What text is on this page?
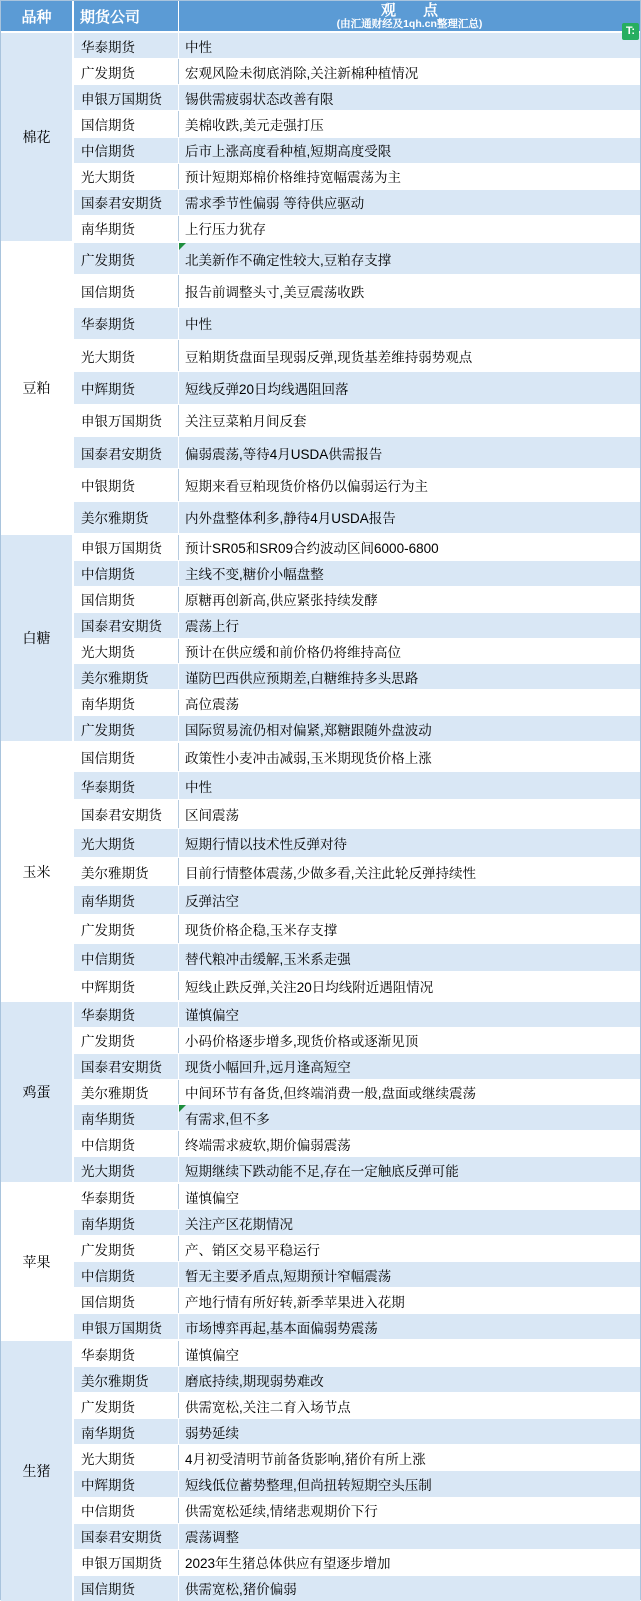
品种	期货公司	观　点
(由汇通财经及1qh.cn整理汇总)
T:
棉花
华泰期货	中性
广发期货	宏观风险未彻底消除,关注新棉种植情况
申银万国期货	锡供需疲弱状态改善有限
国信期货	美棉收跌,美元走强打压
中信期货	后市上涨高度看种植,短期高度受限
光大期货	预计短期郑棉价格维持宽幅震荡为主
国泰君安期货	需求季节性偏弱 等待供应驱动
南华期货	上行压力犹存
豆粕
广发期货	北美新作不确定性较大,豆粕存支撑
国信期货	报告前调整头寸,美豆震荡收跌
华泰期货	中性
光大期货	豆粕期货盘面呈现弱反弹,现货基差维持弱势观点
中辉期货	短线反弹20日均线遇阻回落
申银万国期货	关注豆菜粕月间反套
国泰君安期货	偏弱震荡,等待4月USDA供需报告
中银期货	短期来看豆粕现货价格仍以偏弱运行为主
美尔雅期货	内外盘整体利多,静待4月USDA报告
白糖
申银万国期货	预计SR05和SR09合约波动区间6000-6800
中信期货	主线不变,糖价小幅盘整
国信期货	原糖再创新高,供应紧张持续发酵
国泰君安期货	震荡上行
光大期货	预计在供应缓和前价格仍将维持高位
美尔雅期货	谨防巴西供应预期差,白糖维持多头思路
南华期货	高位震荡
广发期货	国际贸易流仍相对偏紧,郑糖跟随外盘波动
玉米
国信期货	政策性小麦冲击减弱,玉米期现货价格上涨
华泰期货	中性
国泰君安期货	区间震荡
光大期货	短期行情以技术性反弹对待
美尔雅期货	目前行情整体震荡,少做多看,关注此轮反弹持续性
南华期货	反弹沽空
广发期货	现货价格企稳,玉米存支撑
中信期货	替代粮冲击缓解,玉米系走强
中辉期货	短线止跌反弹,关注20日均线附近遇阻情况
鸡蛋
华泰期货	谨慎偏空
广发期货	小码价格逐步增多,现货价格或逐渐见顶
国泰君安期货	现货小幅回升,远月逢高短空
美尔雅期货	中间环节有备货,但终端消费一般,盘面或继续震荡
南华期货	有需求,但不多
中信期货	终端需求疲软,期价偏弱震荡
光大期货	短期继续下跌动能不足,存在一定触底反弹可能
苹果
华泰期货	谨慎偏空
南华期货	关注产区花期情况
广发期货	产、销区交易平稳运行
中信期货	暂无主要矛盾点,短期预计窄幅震荡
国信期货	产地行情有所好转,新季苹果进入花期
申银万国期货	市场博弈再起,基本面偏弱势震荡
生猪
华泰期货	谨慎偏空
美尔雅期货	磨底持续,期现弱势难改
广发期货	供需宽松,关注二育入场节点
南华期货	弱势延续
光大期货	4月初受清明节前备货影响,猪价有所上涨
中辉期货	短线低位蓄势整理,但尚扭转短期空头压制
中信期货	供需宽松延续,情绪悲观期价下行
国泰君安期货	震荡调整
申银万国期货	2023年生猪总体供应有望逐步增加
国信期货	供需宽松,猪价偏弱
